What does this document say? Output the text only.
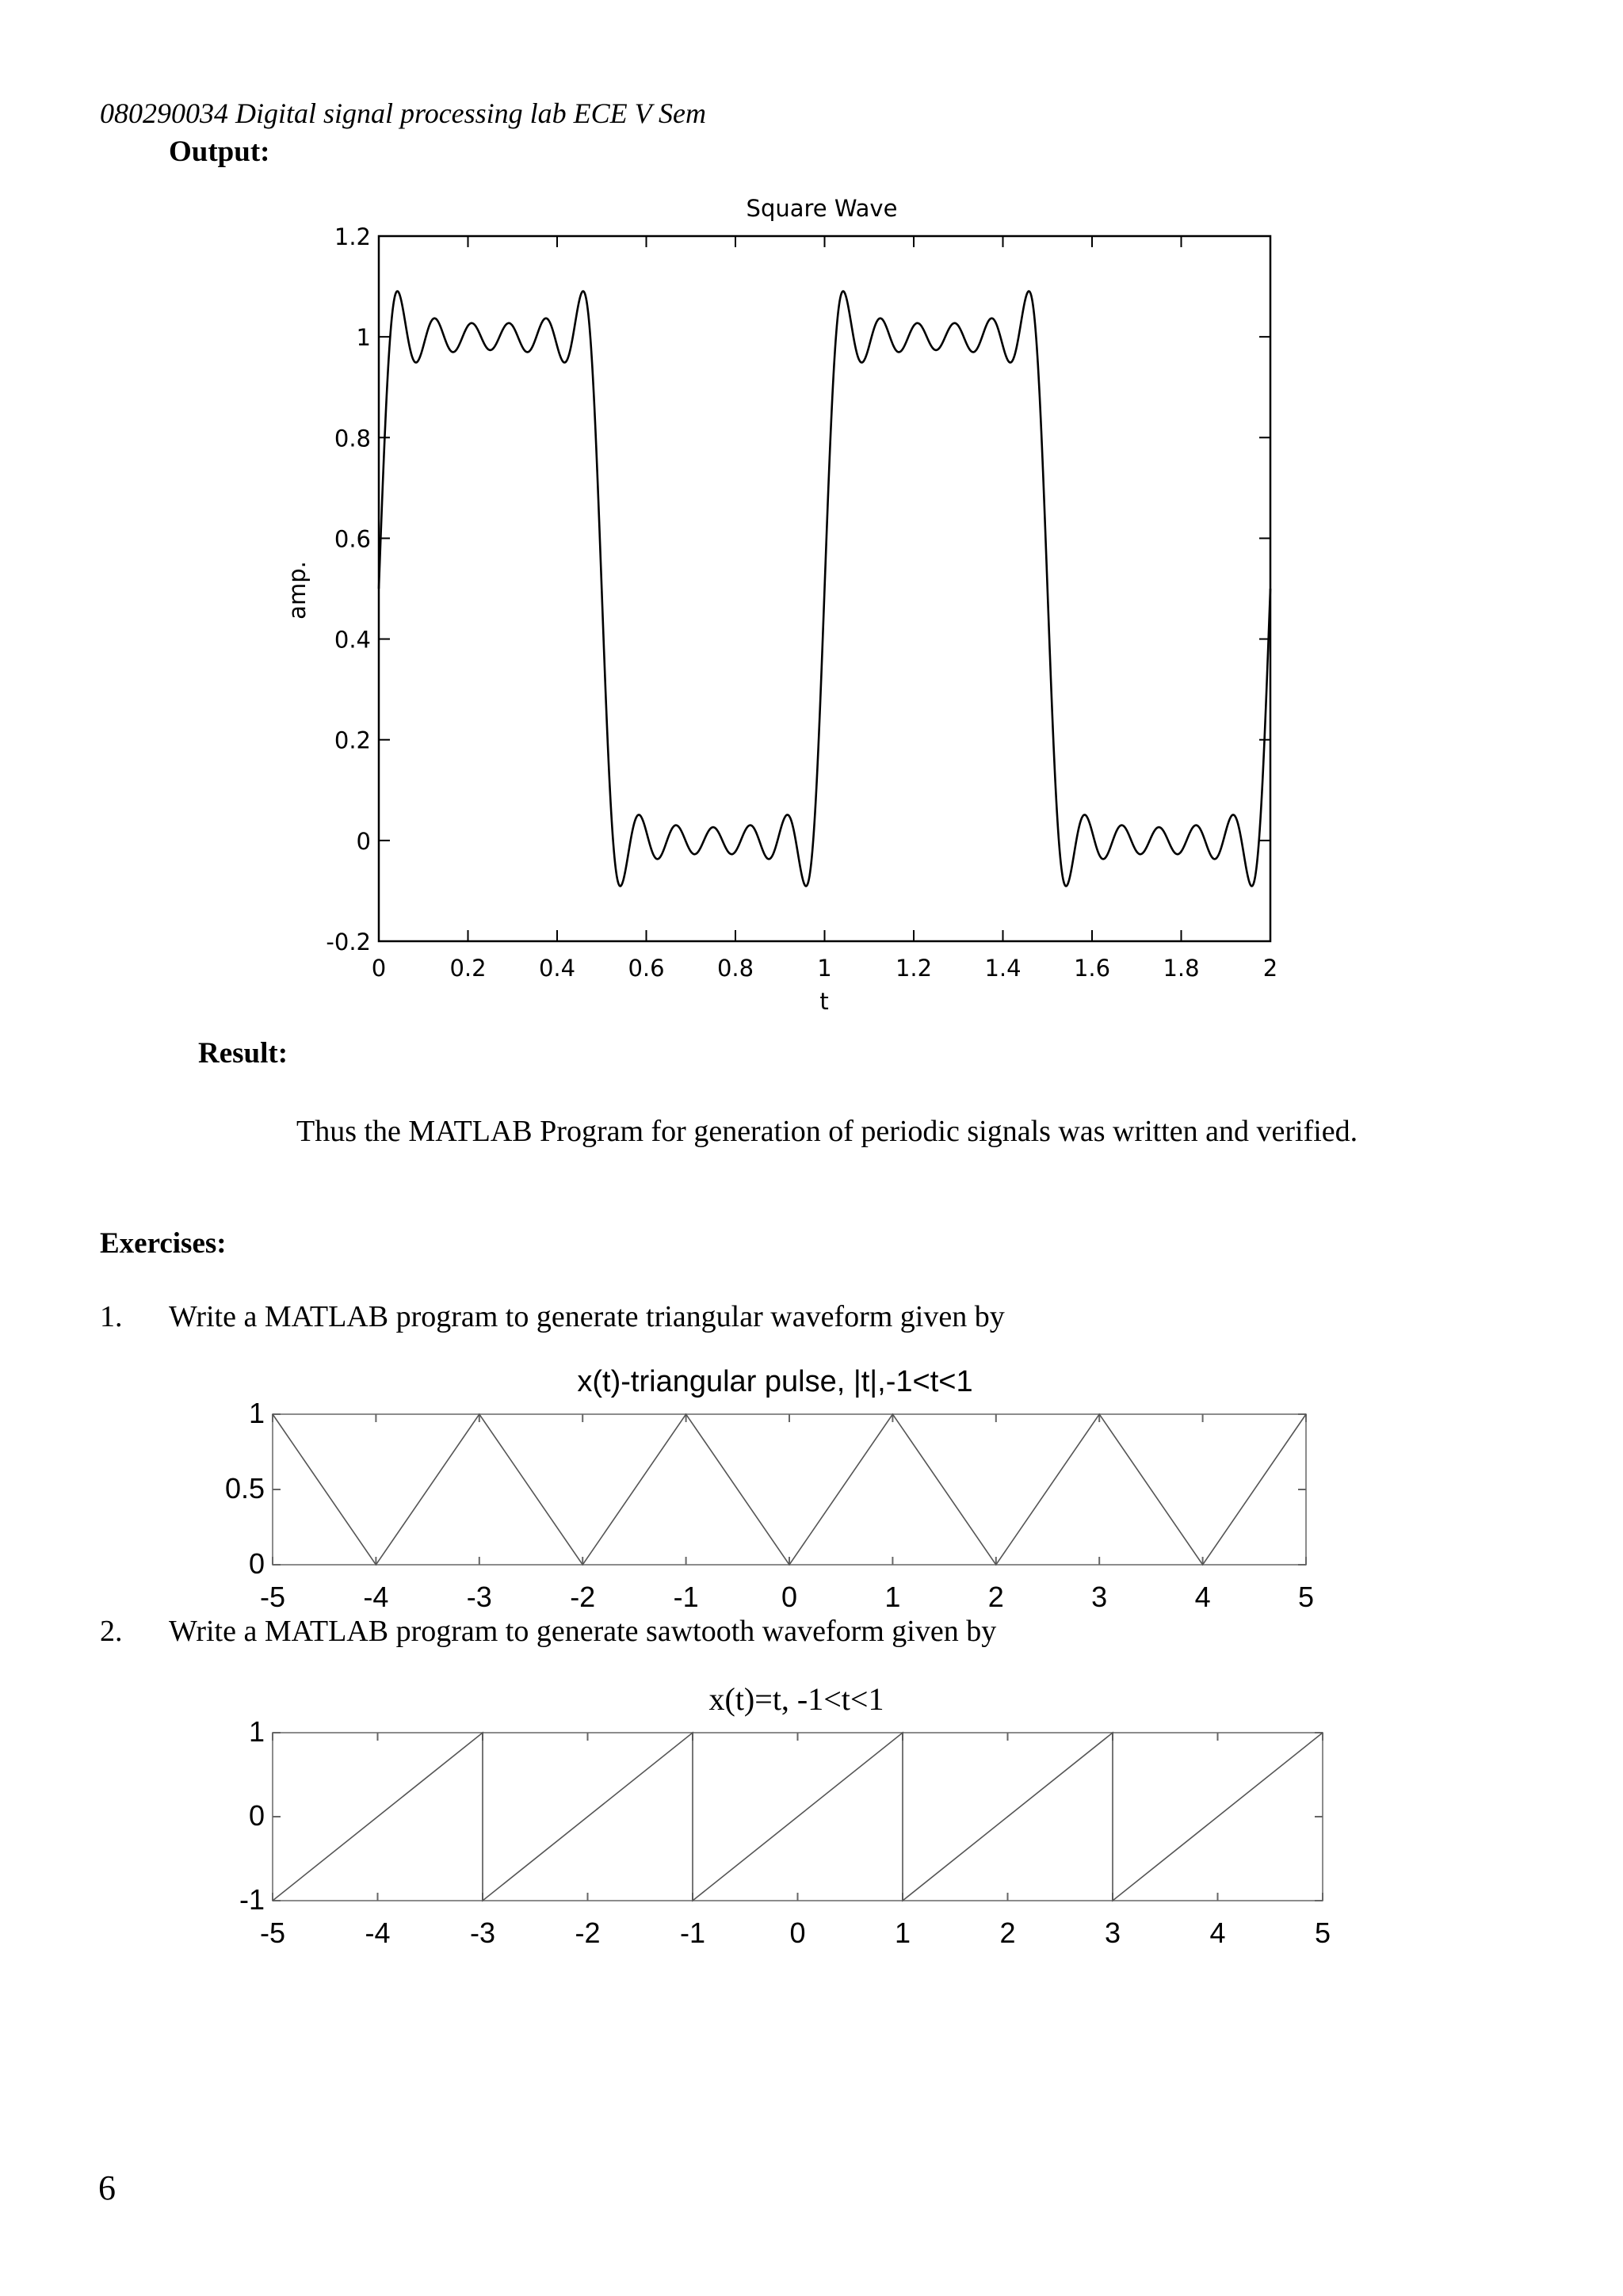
080290034 Digital signal processing lab ECE V Sem
Output:
Square Wave
0	0.2 0.4 0.6 0.8	1	1.2 1.4 1.6 1.8	2
-0.2
0
0.2
0.4
0.6
0.8
1
1.2
t
amp.
x(t)-triangular pulse, |t|,-1<t<1
-5	-4	-3	-2	-1	0	1	2	3	4	5
0
0.5
1
x(t)=t, -1<t<1
-5	-4	-3	-2	-1	0	1	2	3	4	5
-1
0
1
Result:
Thus the MATLAB Program for generation of periodic signals was written and verified.
Exercises:
1. Write a MATLAB program to generate triangular waveform given by
2. Write a MATLAB program to generate sawtooth waveform given by
6
